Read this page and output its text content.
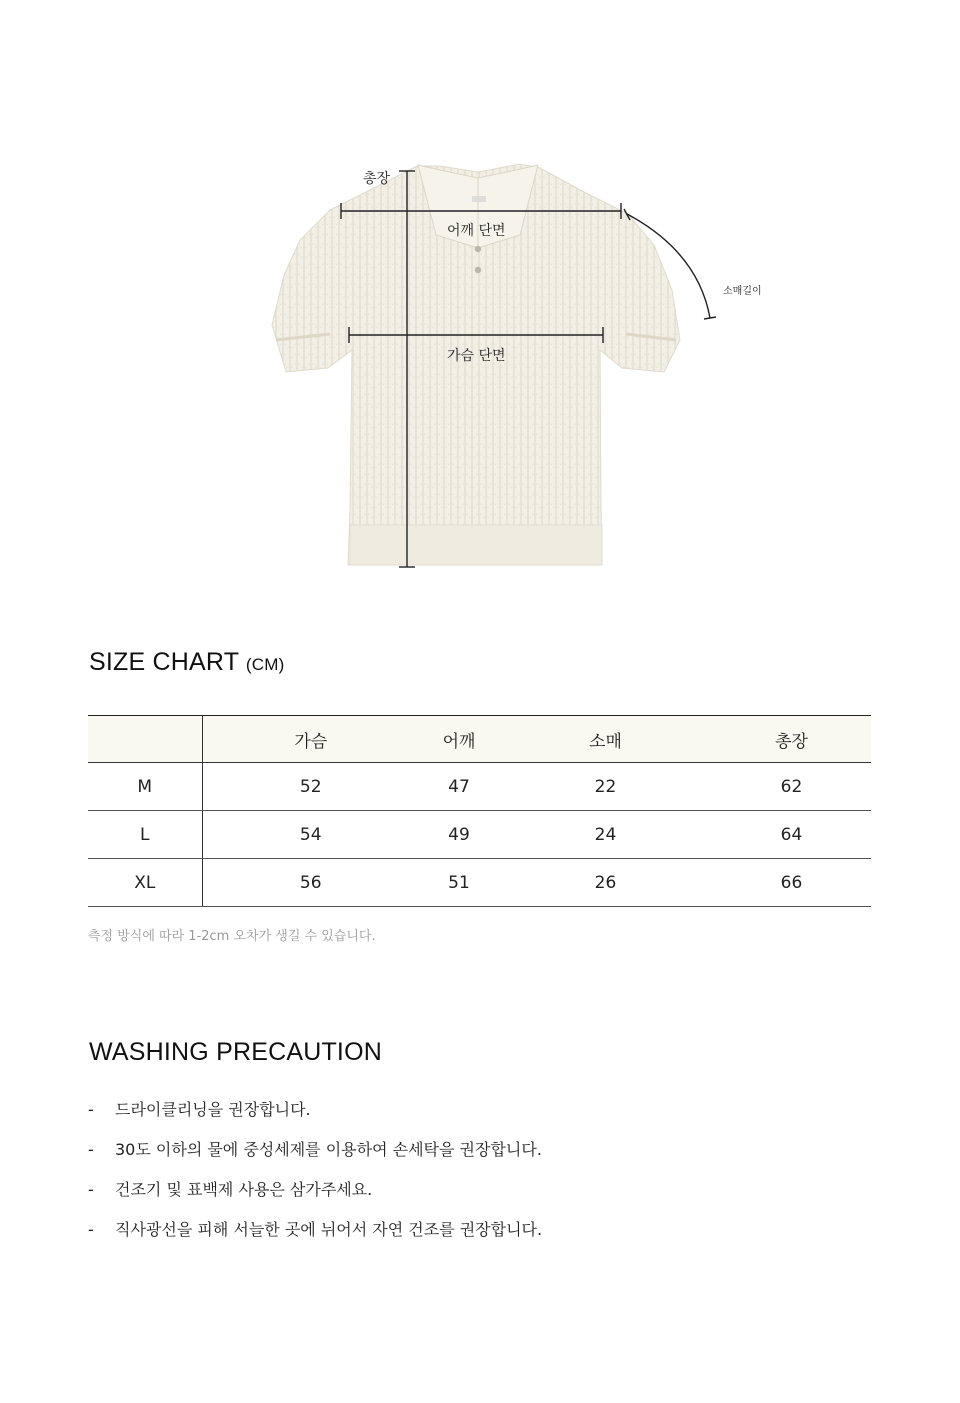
총장
어깨 단면
소매길이
가슴 단면
SIZE CHART (CM)
	가슴	어깨	소매	총장
M	52	47	22	62
L	54	49	24	64
XL	56	51	26	66
측정 방식에 따라 1-2cm 오차가 생길 수 있습니다.
WASHING PRECAUTION
- 드라이클리닝을 권장합니다.
- 30도 이하의 물에 중성세제를 이용하여 손세탁을 권장합니다.
- 건조기 및 표백제 사용은 삼가주세요.
- 직사광선을 피해 서늘한 곳에 뉘어서 자연 건조를 권장합니다.
